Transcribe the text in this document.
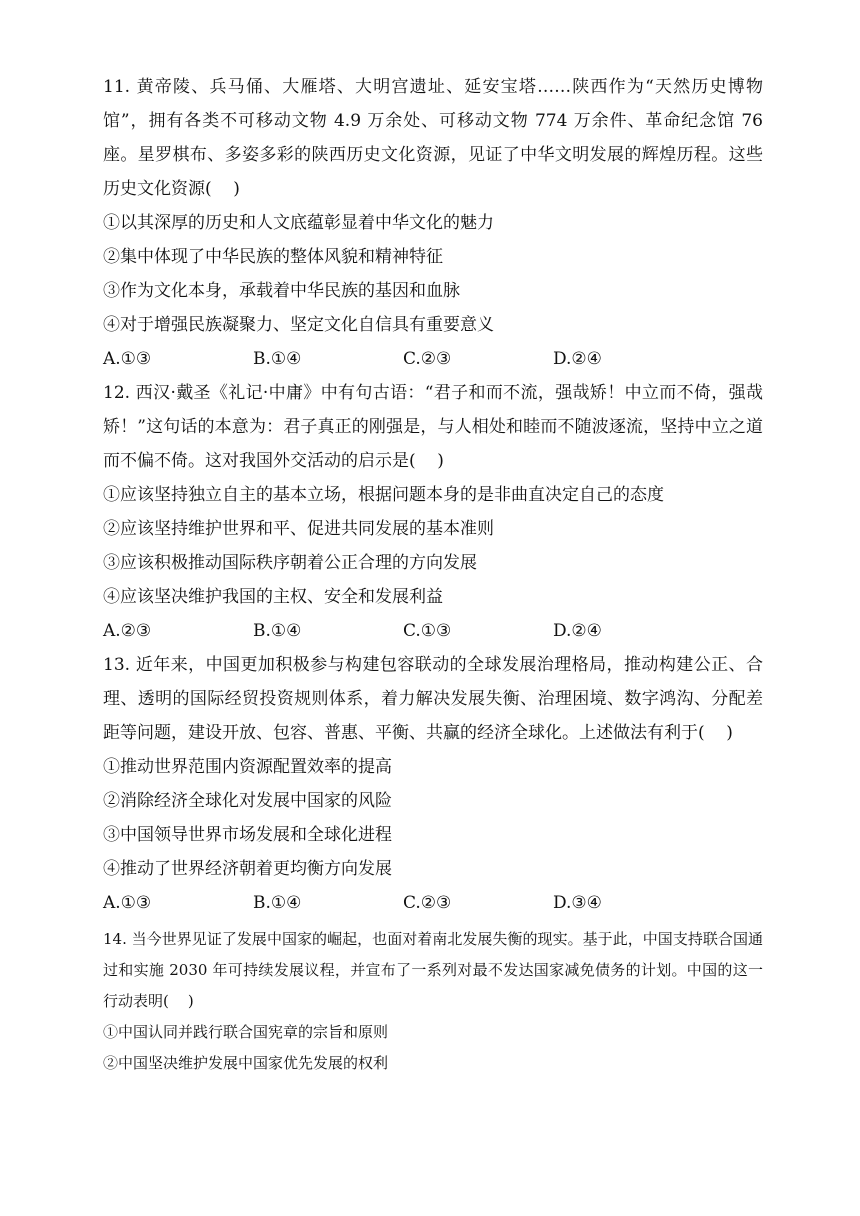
11. 黄帝陵、兵马俑、大雁塔、大明宫遗址、延安宝塔……陕西作为“天然历史博物馆”，拥有各类不可移动文物 4.9 万余处、可移动文物 774 万余件、革命纪念馆 76 座。星罗棋布、多姿多彩的陕西历史文化资源，见证了中华文明发展的辉煌历程。这些历史文化资源(    )

①以其深厚的历史和人文底蕴彰显着中华文化的魅力

②集中体现了中华民族的整体风貌和精神特征

③作为文化本身，承载着中华民族的基因和血脉

④对于增强民族凝聚力、坚定文化自信具有重要意义

A.①③	B.①④	C.②③	D.②④

12. 西汉·戴圣《礼记·中庸》中有句古语：“君子和而不流，强哉矫！中立而不倚，强哉矫！”这句话的本意为：君子真正的刚强是，与人相处和睦而不随波逐流，坚持中立之道而不偏不倚。这对我国外交活动的启示是(    )

①应该坚持独立自主的基本立场，根据问题本身的是非曲直决定自己的态度

②应该坚持维护世界和平、促进共同发展的基本准则

③应该积极推动国际秩序朝着公正合理的方向发展

④应该坚决维护我国的主权、安全和发展利益

A.②③	B.①④	C.①③	D.②④

13. 近年来，中国更加积极参与构建包容联动的全球发展治理格局，推动构建公正、合理、透明的国际经贸投资规则体系，着力解决发展失衡、治理困境、数字鸿沟、分配差距等问题，建设开放、包容、普惠、平衡、共赢的经济全球化。上述做法有利于(    )

①推动世界范围内资源配置效率的提高

②消除经济全球化对发展中国家的风险

③中国领导世界市场发展和全球化进程

④推动了世界经济朝着更均衡方向发展

A.①③	B.①④	C.②③	D.③④

14. 当今世界见证了发展中国家的崛起，也面对着南北发展失衡的现实。基于此，中国支持联合国通过和实施 2030 年可持续发展议程，并宣布了一系列对最不发达国家减免债务的计划。中国的这一行动表明(    )

①中国认同并践行联合国宪章的宗旨和原则

②中国坚决维护发展中国家优先发展的权利
